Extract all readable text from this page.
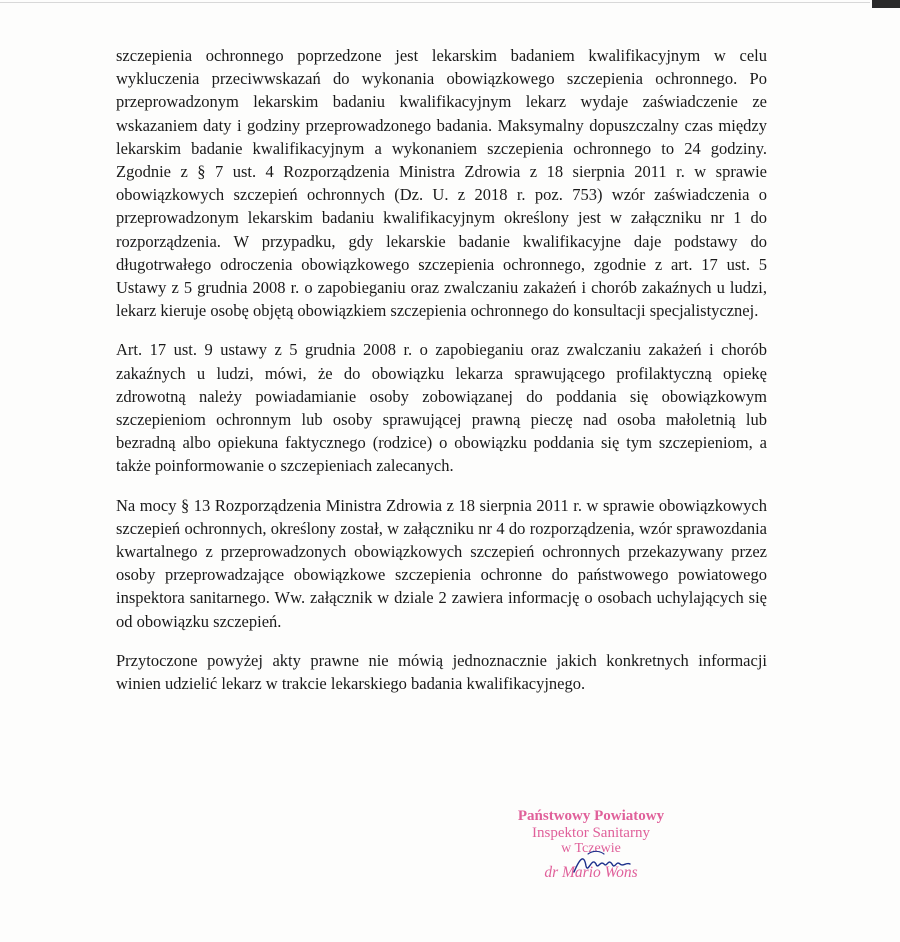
szczepienia ochronnego poprzedzone jest lekarskim badaniem kwalifikacyjnym w celu wykluczenia przeciwwskazań do wykonania obowiązkowego szczepienia ochronnego. Po przeprowadzonym lekarskim badaniu kwalifikacyjnym lekarz wydaje zaświadczenie ze wskazaniem daty i godziny przeprowadzonego badania. Maksymalny dopuszczalny czas między lekarskim badanie kwalifikacyjnym a wykonaniem szczepienia ochronnego to 24 godziny. Zgodnie z § 7 ust. 4 Rozporządzenia Ministra Zdrowia z 18 sierpnia 2011 r. w sprawie obowiązkowych szczepień ochronnych (Dz. U. z 2018 r. poz. 753) wzór zaświadczenia o przeprowadzonym lekarskim badaniu kwalifikacyjnym określony jest w załączniku nr 1 do rozporządzenia. W przypadku, gdy lekarskie badanie kwalifikacyjne daje podstawy do długotrwałego odroczenia obowiązkowego szczepienia ochronnego, zgodnie z art. 17 ust. 5 Ustawy z 5 grudnia 2008 r. o zapobieganiu oraz zwalczaniu zakażeń i chorób zakaźnych u ludzi, lekarz kieruje osobę objętą obowiązkiem szczepienia ochronnego do konsultacji specjalistycznej.

Art. 17 ust. 9 ustawy z 5 grudnia 2008 r. o zapobieganiu oraz zwalczaniu zakażeń i chorób zakaźnych u ludzi, mówi, że do obowiązku lekarza sprawującego profilaktyczną opiekę zdrowotną należy powiadamianie osoby zobowiązanej do poddania się obowiązkowym szczepieniom ochronnym lub osoby sprawującej prawną pieczę nad osoba małoletnią lub bezradną albo opiekuna faktycznego (rodzice) o obowiązku poddania się tym szczepieniom, a także poinformowanie o szczepieniach zalecanych.

Na mocy § 13 Rozporządzenia Ministra Zdrowia z 18 sierpnia 2011 r. w sprawie obowiązkowych szczepień ochronnych, określony został, w załączniku nr 4 do rozporządzenia, wzór sprawozdania kwartalnego z przeprowadzonych obowiązkowych szczepień ochronnych przekazywany przez osoby przeprowadzające obowiązkowe szczepienia ochronne do państwowego powiatowego inspektora sanitarnego. Ww. załącznik w dziale 2 zawiera informację o osobach uchylających się od obowiązku szczepień.

Przytoczone powyżej akty prawne nie mówią jednoznacznie jakich konkretnych informacji winien udzielić lekarz w trakcie lekarskiego badania kwalifikacyjnego.

Państwowy Powiatowy
Inspektor Sanitarny
w Tczewie
dr Mario Wons
